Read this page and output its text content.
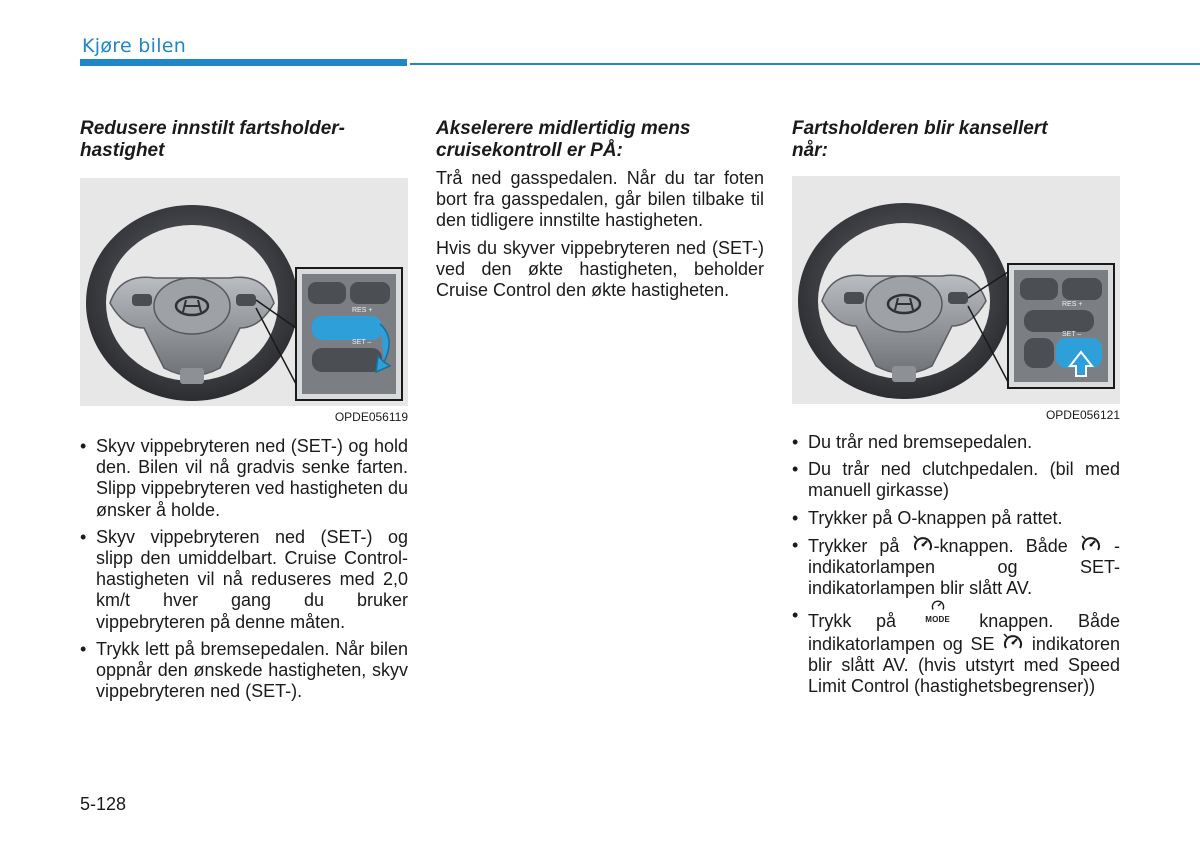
Kjøre bilen
Redusere innstilt fartsholder-
hastighet
RES +
SET –
OPDE056119
• Skyv vippebryteren ned (SET-) og hold den. Bilen vil nå gradvis senke farten. Slipp vippebryteren ved hastigheten du ønsker å holde.
• Skyv vippebryteren ned (SET-) og slipp den umiddelbart. Cruise Control-hastigheten vil nå reduseres med 2,0 km/t hver gang du bruker vippebryteren på denne måten.
• Trykk lett på bremsepedalen. Når bilen oppnår den ønskede hastigheten, skyv vippebryteren ned (SET-).
Akselerere midlertidig mens
cruisekontroll er PÅ:

Trå ned gasspedalen. Når du tar foten bort fra gasspedalen, går bilen tilbake til den tidligere innstilte hastigheten.

Hvis du skyver vippebryteren ned (SET-) ved den økte hastigheten, beholder Cruise Control den økte hastigheten.

Fartsholderen blir kansellert
når:
RES +
SET –
OPDE056121
• Du trår ned bremsepedalen.
• Du trår ned clutchpedalen. (bil med manuell girkasse)
• Trykker på O-knappen på rattet.
• Trykker på -knappen. Både	-indikatorlampen og SET-indikatorlampen blir slått AV.
• Trykk på	MODE knappen. Både indikatorlampen og SE indikatoren blir slått AV. (hvis utstyrt med Speed Limit Control (hastighetsbegrenser))
5-128
